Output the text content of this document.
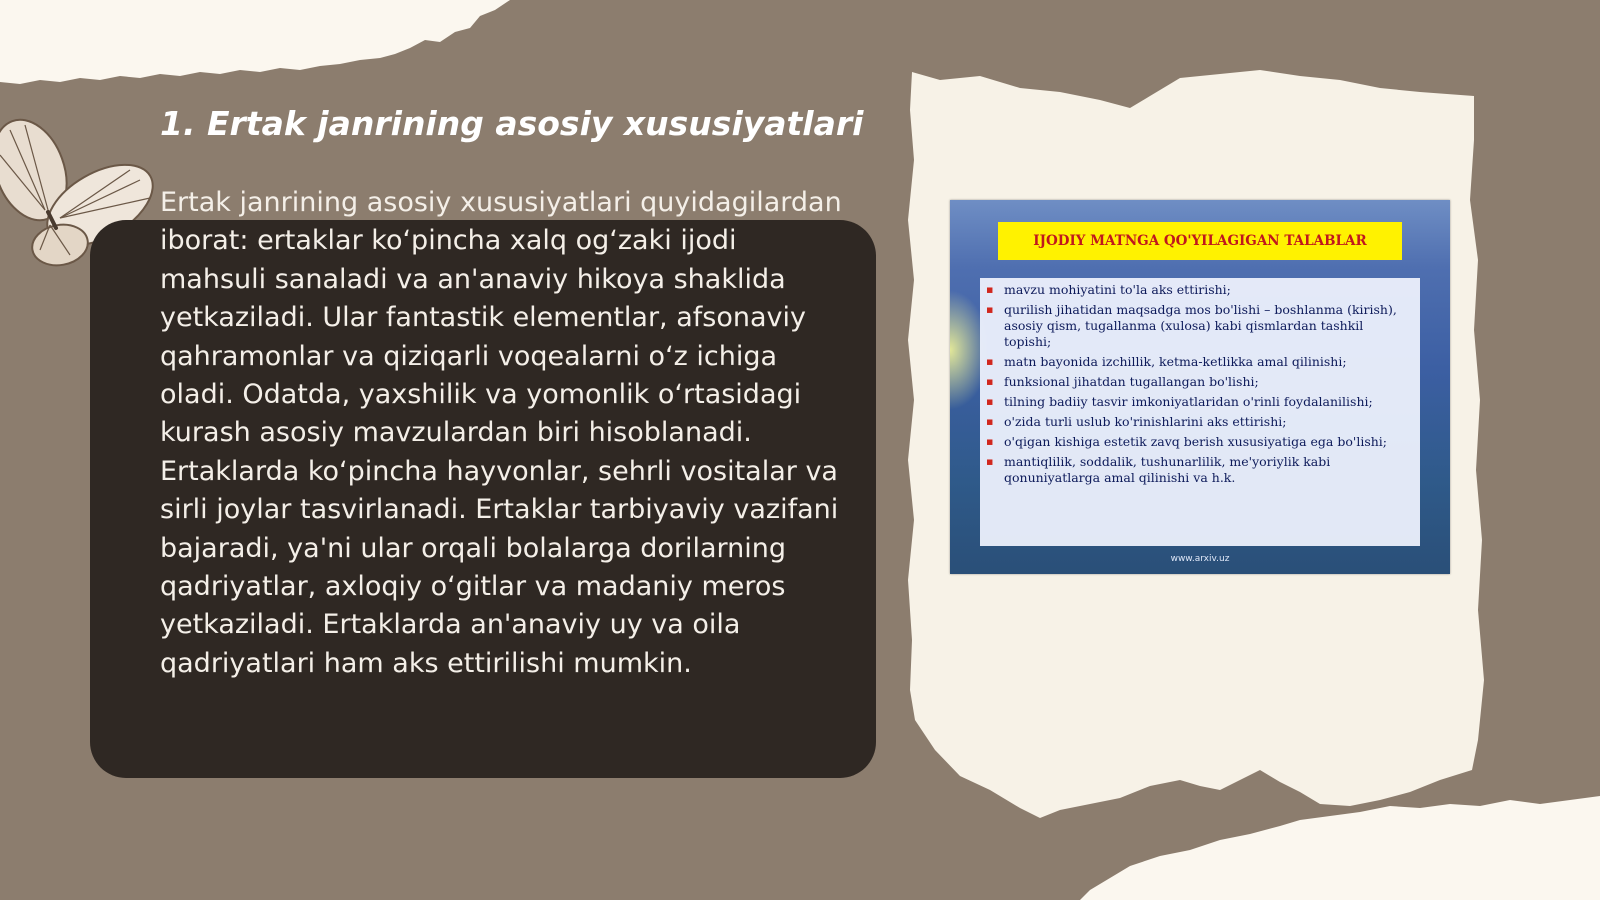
1. Ertak janrining asosiy xususiyatlari

Ertak janrining asosiy xususiyatlari quyidagilardan iborat: ertaklar koʻpincha xalq ogʻzaki ijodi mahsuli sanaladi va an'anaviy hikoya shaklida yetkaziladi. Ular fantastik elementlar, afsonaviy qahramonlar va qiziqarli voqealarni oʻz ichiga oladi. Odatda, yaxshilik va yomonlik oʻrtasidagi kurash asosiy mavzulardan biri hisoblanadi. Ertaklarda koʻpincha hayvonlar, sehrli vositalar va sirli joylar tasvirlanadi. Ertaklar tarbiyaviy vazifani bajaradi, ya'ni ular orqali bolalarga dorilarning qadriyatlar, axloqiy oʻgitlar va madaniy meros yetkaziladi. Ertaklarda an'anaviy uy va oila qadriyatlari ham aks ettirilishi mumkin.

IJODIY MATNGA QO'YILAGIGAN TALABLAR
▪ mavzu mohiyatini to'la aks ettirishi;
▪ qurilish jihatidan maqsadga mos bo'lishi – boshlanma (kirish), asosiy qism, tugallanma (xulosa) kabi qismlardan tashkil topishi;
▪ matn bayonida izchillik, ketma-ketlikka amal qilinishi;
▪ funksional jihatdan tugallangan bo'lishi;
▪ tilning badiiy tasvir imkoniyatlaridan o'rinli foydalanilishi;
▪ o'zida turli uslub ko'rinishlarini aks ettirishi;
▪ o'qigan kishiga estetik zavq berish xususiyatiga ega bo'lishi;
▪ mantiqlilik, soddalik, tushunarlilik, me'yoriylik kabi qonuniyatlarga amal qilinishi va h.k.
www.arxiv.uz
